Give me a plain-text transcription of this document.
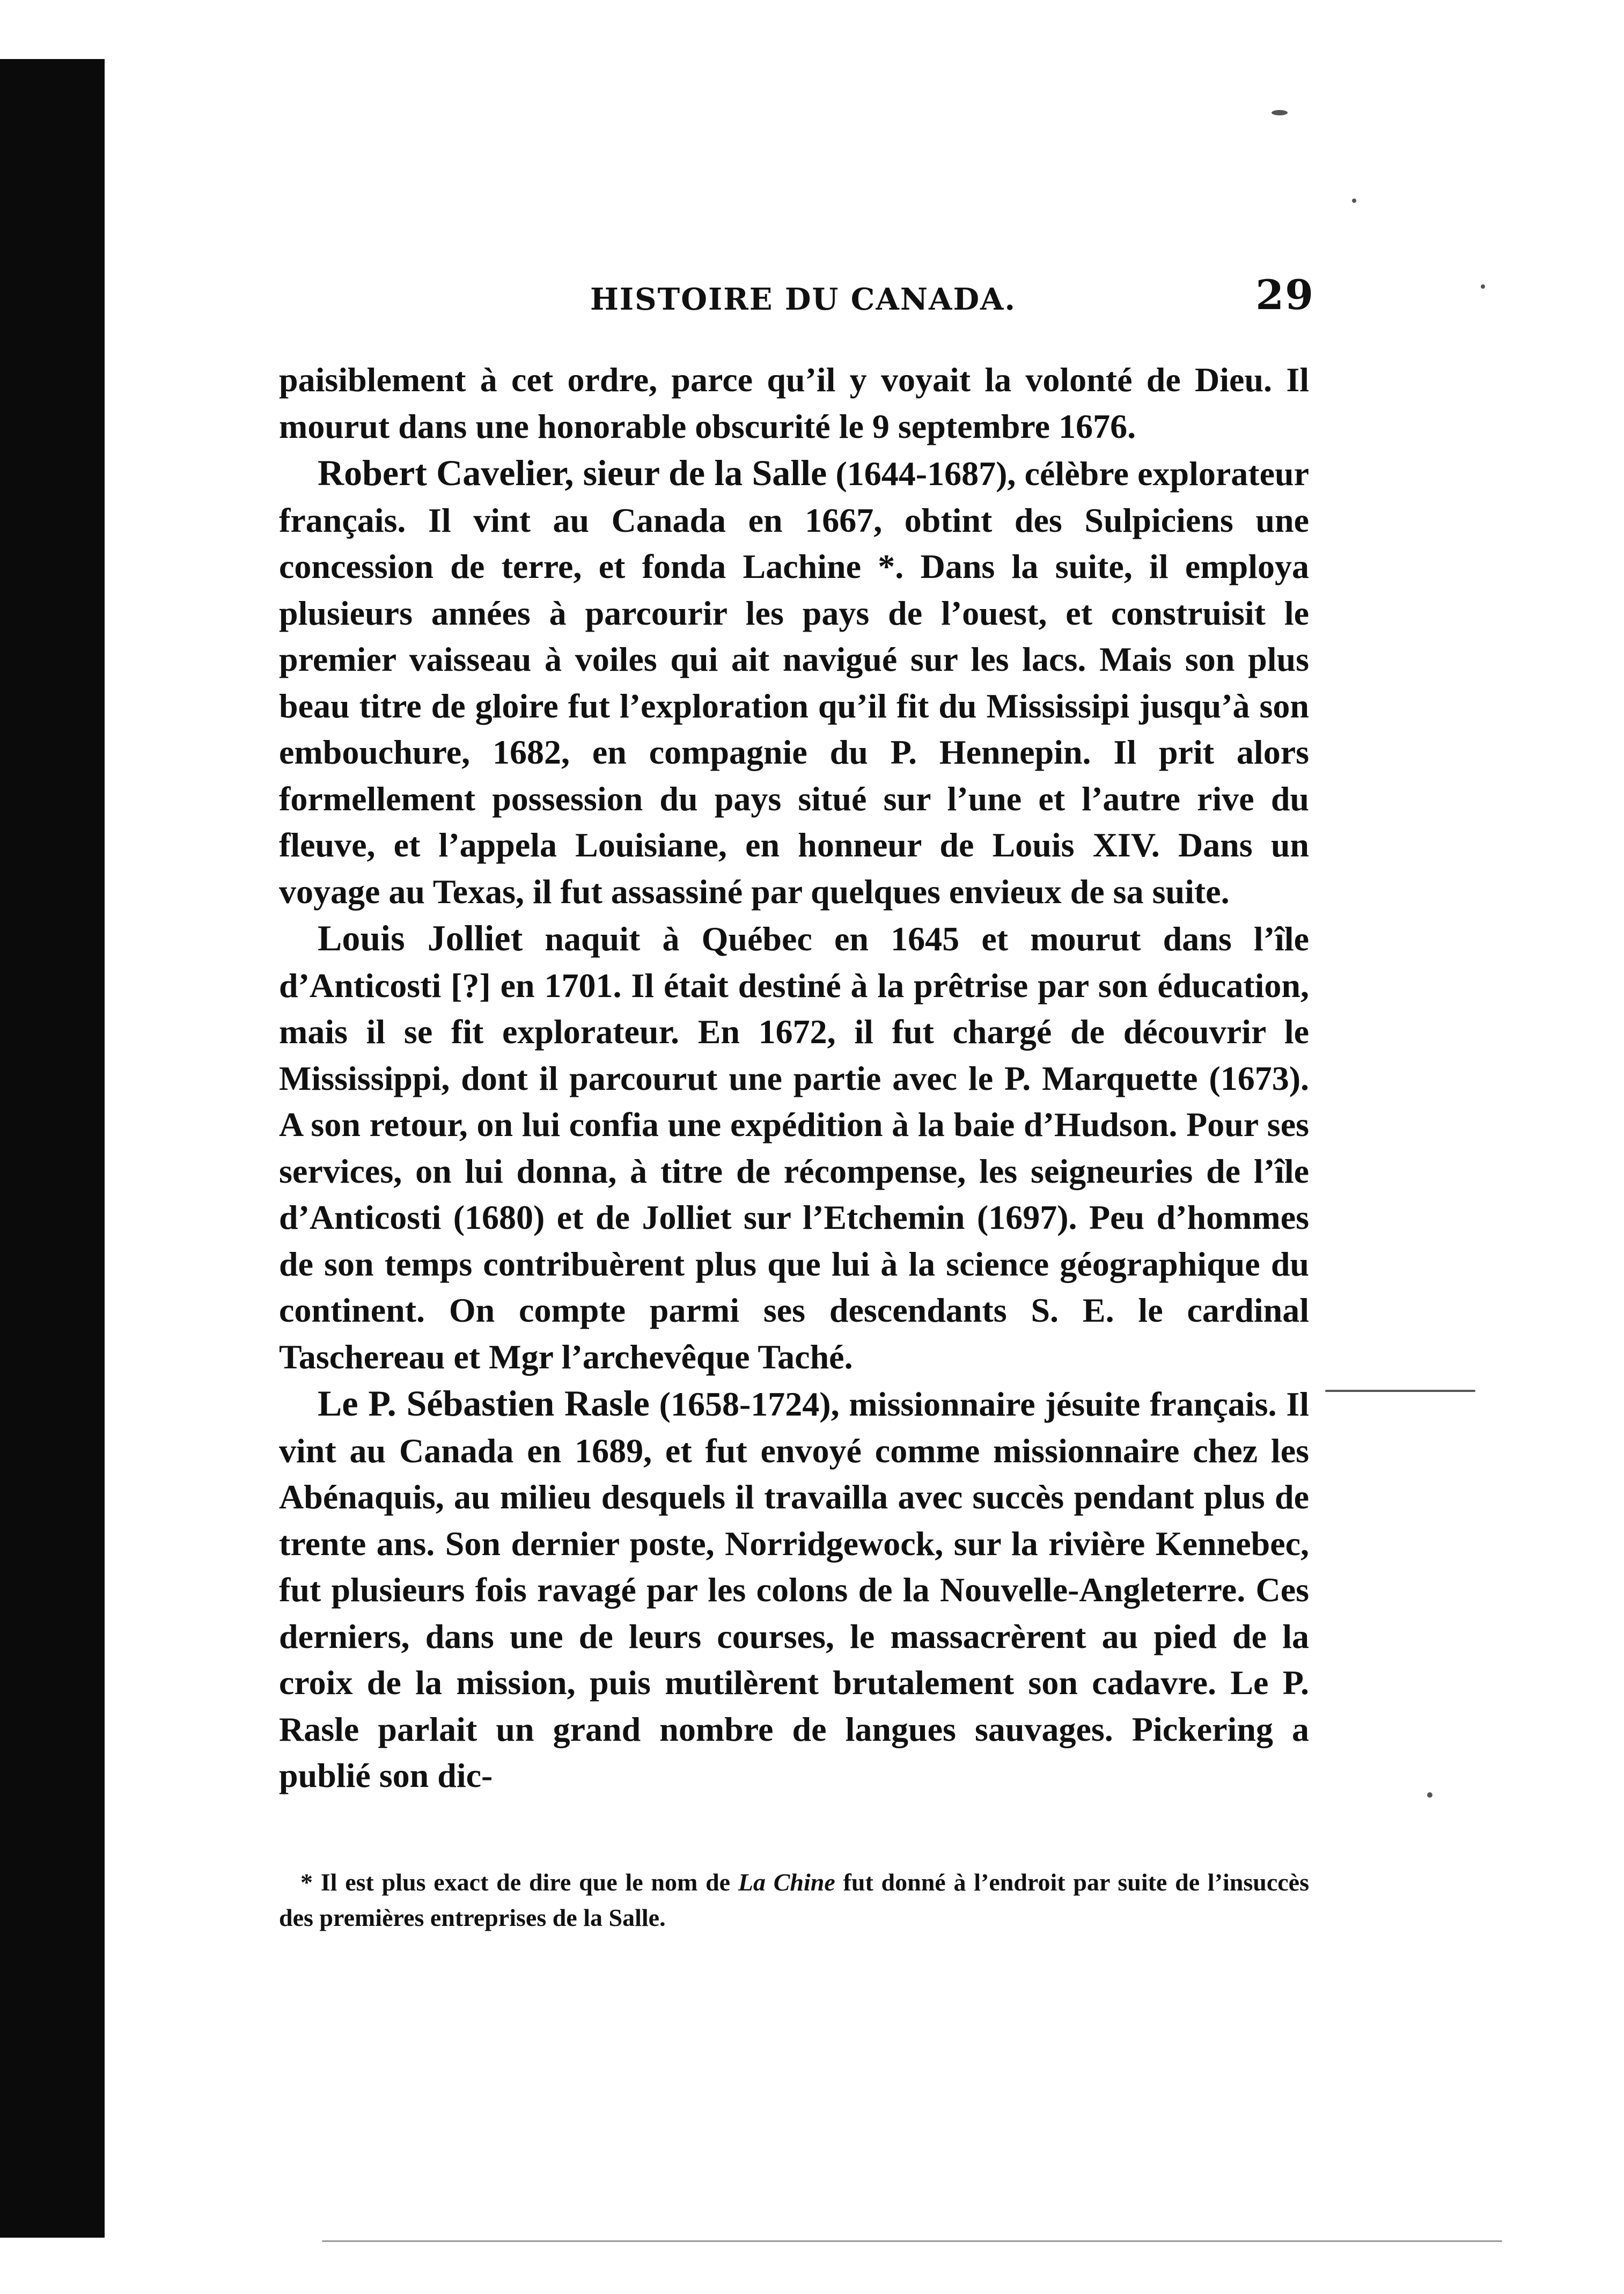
HISTOIRE DU CANADA.	29

paisiblement à cet ordre, parce qu’il y voyait la volonté de Dieu. Il mourut dans une honorable obscurité le 9 septembre 1676.

Robert Cavelier, sieur de la Salle (1644-1687), célèbre explorateur français. Il vint au Canada en 1667, obtint des Sulpiciens une concession de terre, et fonda Lachine *. Dans la suite, il employa plusieurs années à parcourir les pays de l’ouest, et construisit le premier vaisseau à voiles qui ait navigué sur les lacs. Mais son plus beau titre de gloire fut l’exploration qu’il fit du Mississipi jusqu’à son embouchure, 1682, en compagnie du P. Hennepin. Il prit alors formellement possession du pays situé sur l’une et l’autre rive du fleuve, et l’appela Louisiane, en honneur de Louis XIV. Dans un voyage au Texas, il fut assassiné par quelques envieux de sa suite.

Louis Jolliet naquit à Québec en 1645 et mourut dans l’île d’Anticosti [?] en 1701. Il était destiné à la prêtrise par son éducation, mais il se fit explorateur. En 1672, il fut chargé de découvrir le Mississippi, dont il parcourut une partie avec le P. Marquette (1673). A son retour, on lui confia une expédition à la baie d’Hudson. Pour ses services, on lui donna, à titre de récompense, les seigneuries de l’île d’Anticosti (1680) et de Jolliet sur l’Etchemin (1697). Peu d’hommes de son temps contribuèrent plus que lui à la science géographique du continent. On compte parmi ses descendants S. E. le cardinal Taschereau et Mgr l’archevêque Taché.

Le P. Sébastien Rasle (1658-1724), missionnaire jésuite français. Il vint au Canada en 1689, et fut envoyé comme missionnaire chez les Abénaquis, au milieu desquels il travailla avec succès pendant plus de trente ans. Son dernier poste, Norridgewock, sur la rivière Kennebec, fut plusieurs fois ravagé par les colons de la Nouvelle-Angleterre. Ces derniers, dans une de leurs courses, le massacrèrent au pied de la croix de la mission, puis mutilèrent brutalement son cadavre. Le P. Rasle parlait un grand nombre de langues sauvages. Pickering a publié son dic-

* Il est plus exact de dire que le nom de La Chine fut donné à l’endroit par suite de l’insuccès des premières entreprises de la Salle.
